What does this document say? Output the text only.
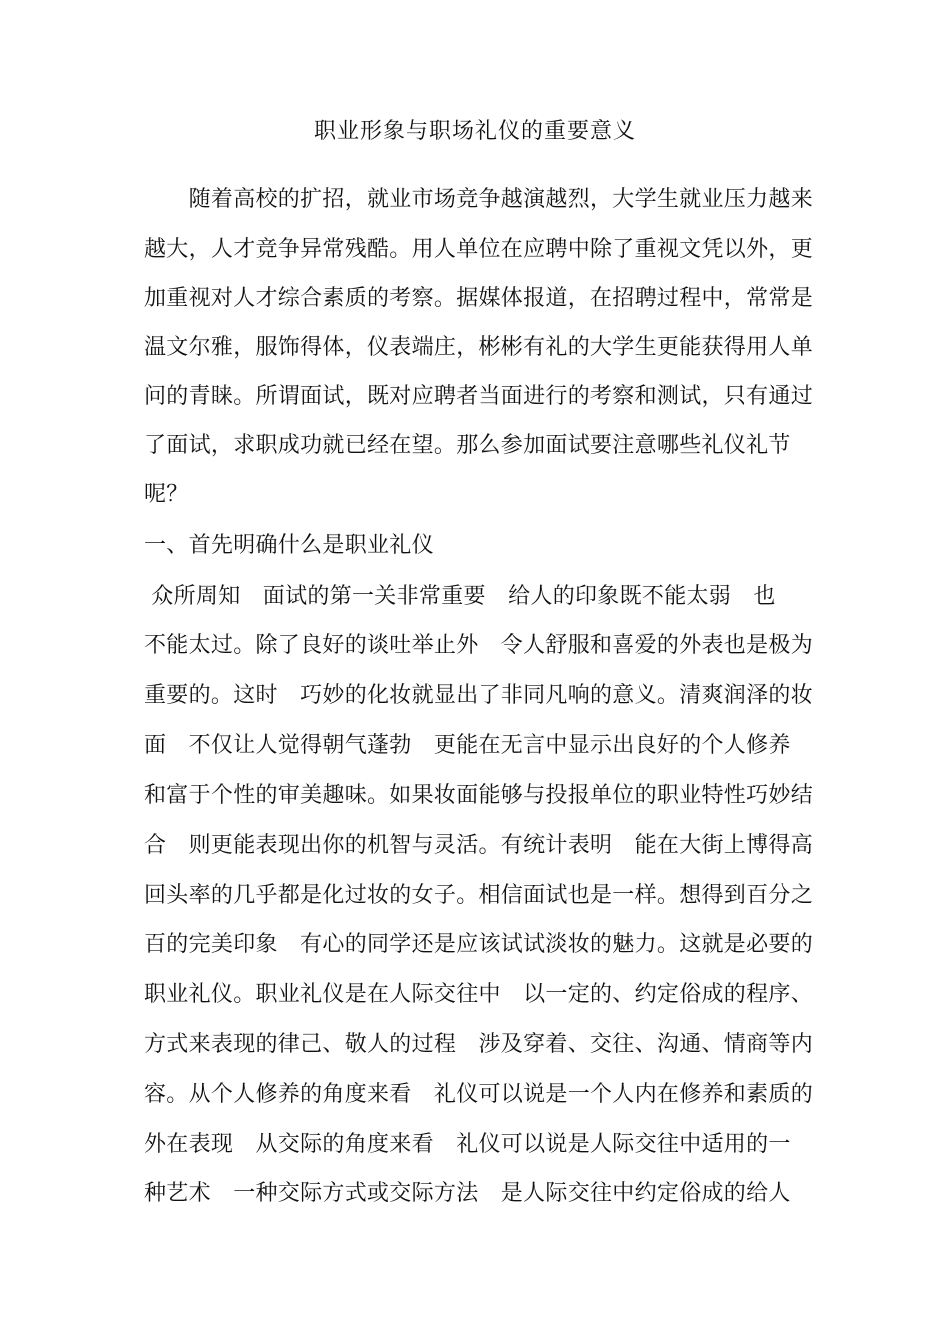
职业形象与职场礼仪的重要意义

　　随着高校的扩招，就业市场竞争越演越烈，大学生就业压力越来

越大，人才竞争异常残酷。用人单位在应聘中除了重视文凭以外，更

加重视对人才综合素质的考察。据媒体报道，在招聘过程中，常常是

温文尔雅，服饰得体，仪表端庄，彬彬有礼的大学生更能获得用人单

问的青睐。所谓面试，既对应聘者当面进行的考察和测试，只有通过

了面试，求职成功就已经在望。那么参加面试要注意哪些礼仪礼节

呢？

一、首先明确什么是职业礼仪

众所周知　面试的第一关非常重要　给人的印象既不能太弱　也

不能太过。除了良好的谈吐举止外　令人舒服和喜爱的外表也是极为

重要的。这时　巧妙的化妆就显出了非同凡响的意义。清爽润泽的妆

面　不仅让人觉得朝气蓬勃　更能在无言中显示出良好的个人修养

和富于个性的审美趣味。如果妆面能够与投报单位的职业特性巧妙结

合　则更能表现出你的机智与灵活。有统计表明　能在大街上博得高

回头率的几乎都是化过妆的女子。相信面试也是一样。想得到百分之

百的完美印象　有心的同学还是应该试试淡妆的魅力。这就是必要的

职业礼仪。职业礼仪是在人际交往中　以一定的、约定俗成的程序、

方式来表现的律己、敬人的过程　涉及穿着、交往、沟通、情商等内

容。从个人修养的角度来看　礼仪可以说是一个人内在修养和素质的

外在表现　从交际的角度来看　礼仪可以说是人际交往中适用的一

种艺术　一种交际方式或交际方法　是人际交往中约定俗成的给人
